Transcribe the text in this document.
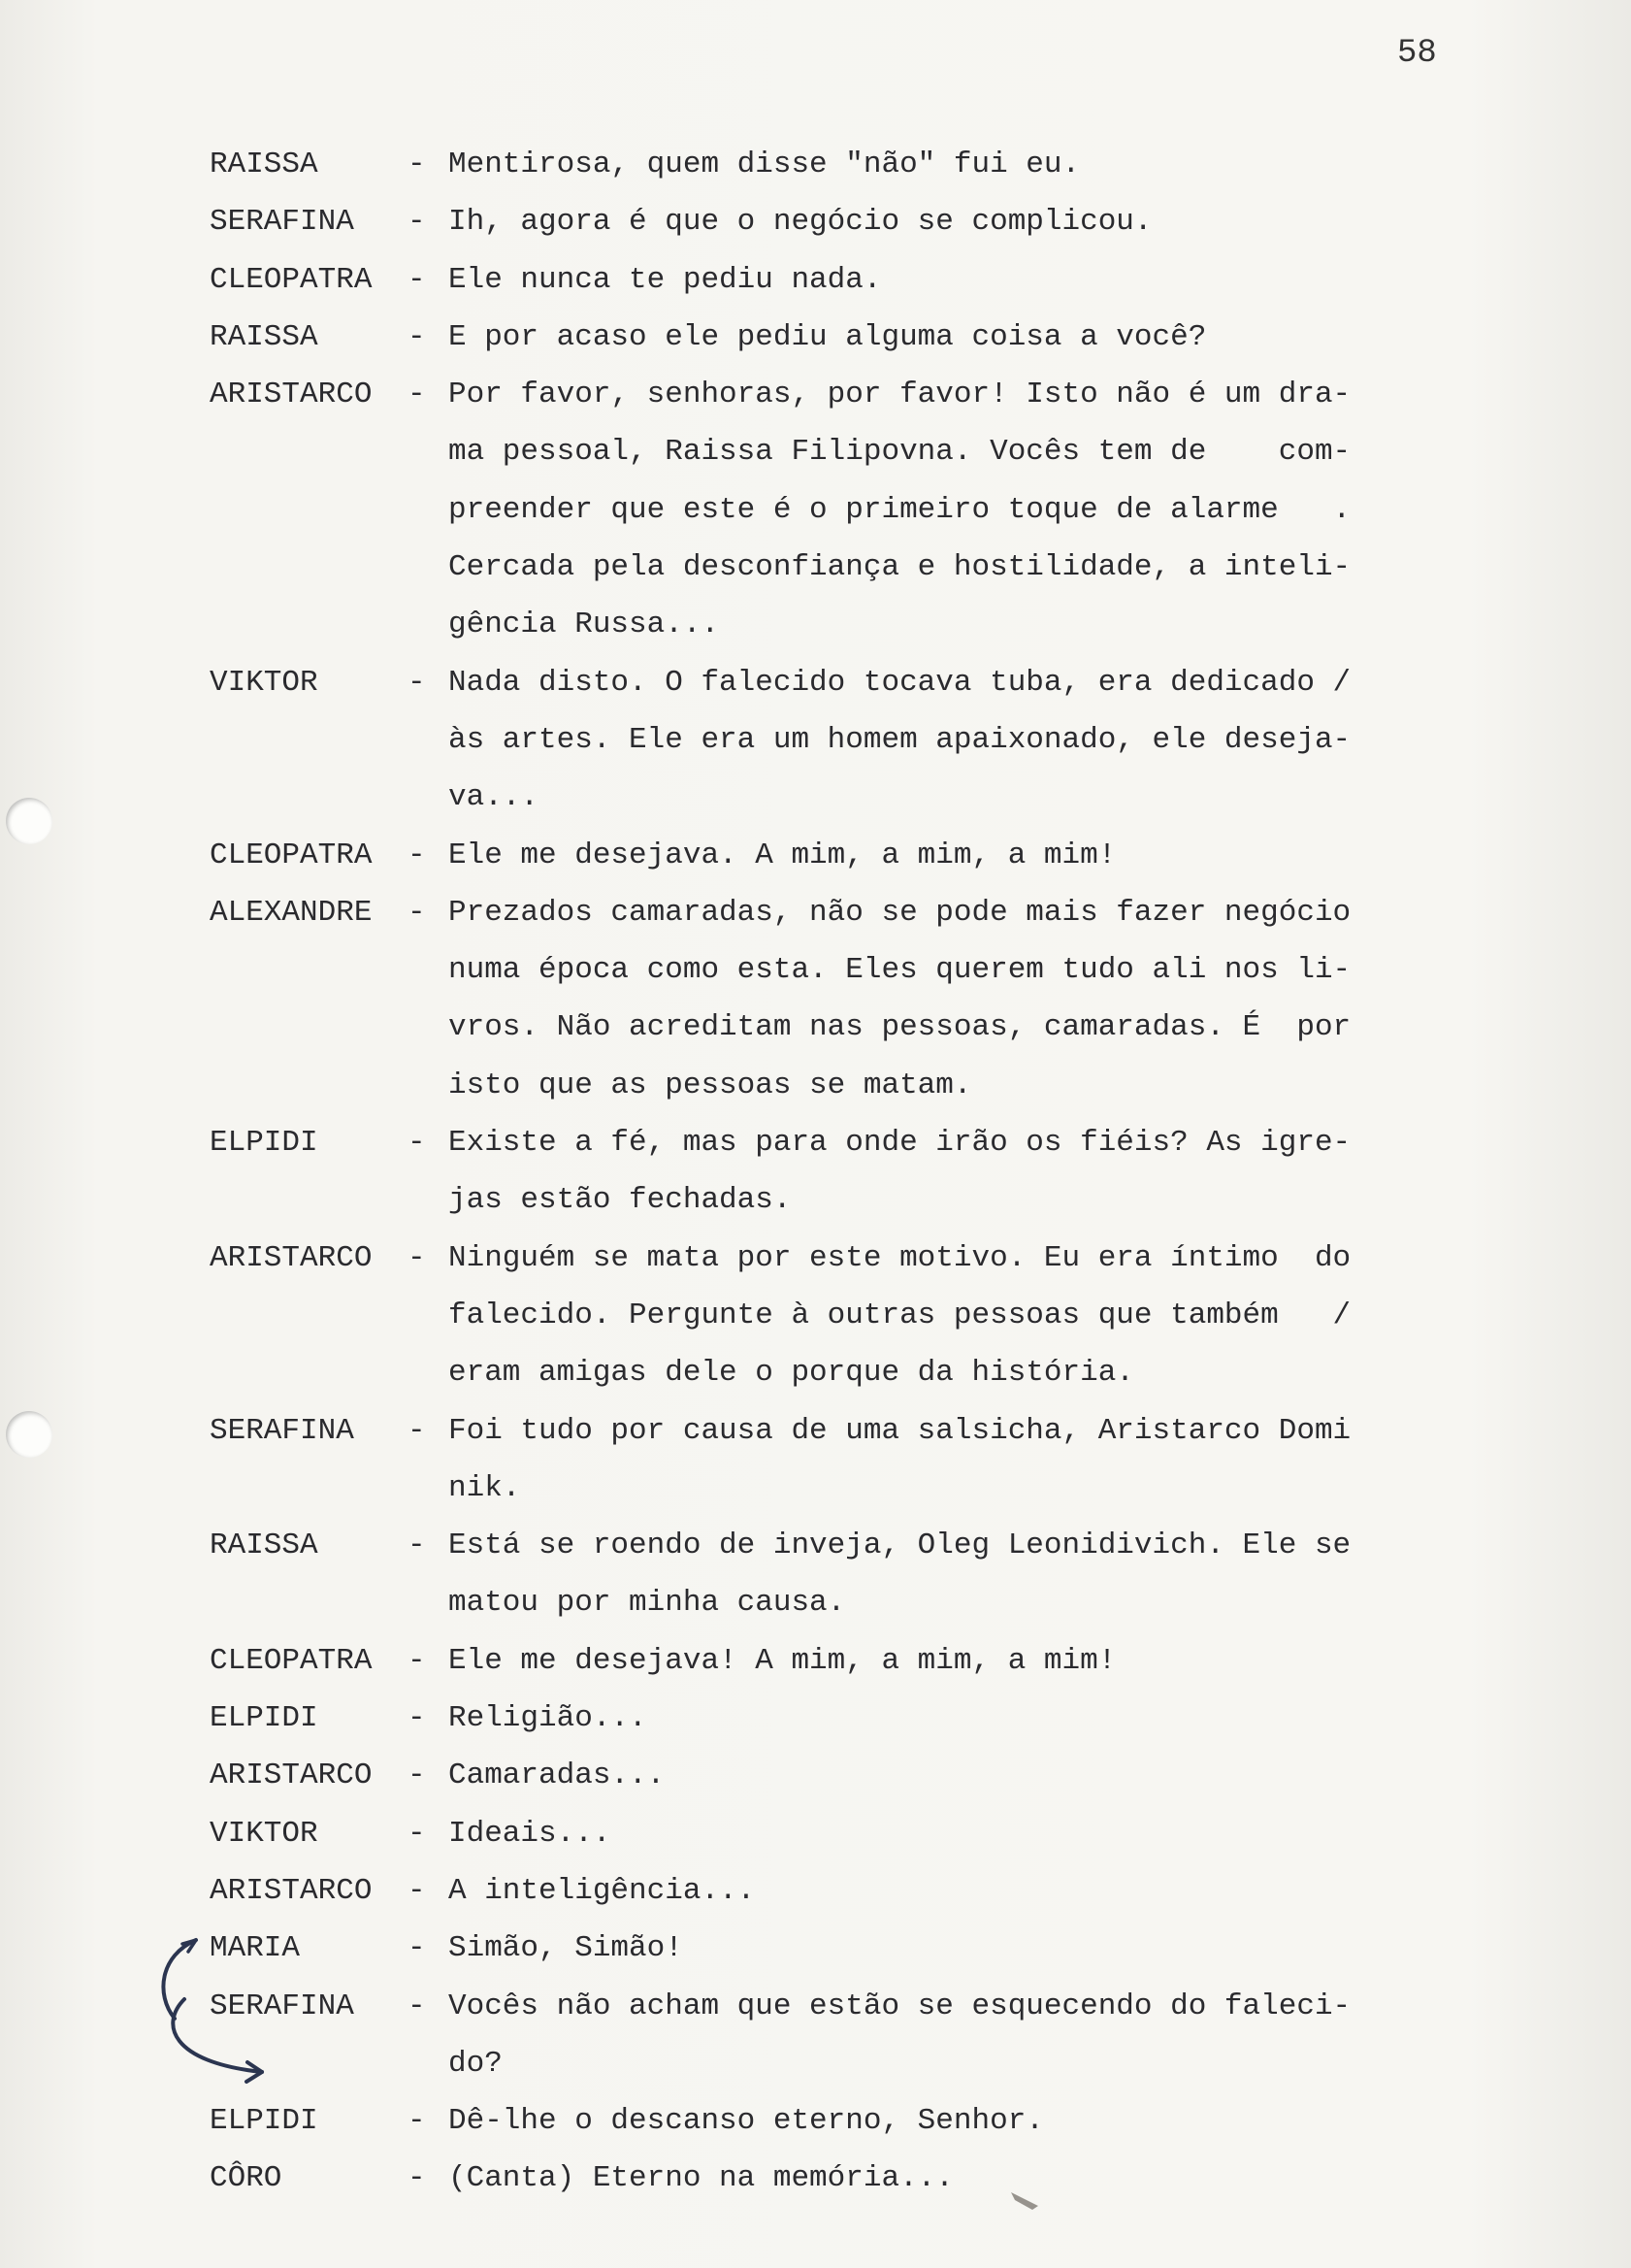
58
RAISSA	- Mentirosa, quem disse "não" fui eu.
SERAFINA - Ih, agora é que o negócio se complicou.
CLEOPATRA - Ele nunca te pediu nada.
RAISSA	- E por acaso ele pediu alguma coisa a você?
ARISTARCO - Por favor, senhoras, por favor! Isto não é um dra-
ma pessoal, Raissa Filipovna. Vocês tem de    com-
preender que este é o primeiro toque de alarme   .
Cercada pela desconfiança e hostilidade, a inteli-
gência Russa...
VIKTOR	- Nada disto. O falecido tocava tuba, era dedicado /
às artes. Ele era um homem apaixonado, ele deseja-
va...
CLEOPATRA - Ele me desejava. A mim, a mim, a mim!
ALEXANDRE - Prezados camaradas, não se pode mais fazer negócio
numa época como esta. Eles querem tudo ali nos li-
vros. Não acreditam nas pessoas, camaradas. É  por
isto que as pessoas se matam.
ELPIDI	- Existe a fé, mas para onde irão os fiéis? As igre-
jas estão fechadas.
ARISTARCO - Ninguém se mata por este motivo. Eu era íntimo  do
falecido. Pergunte à outras pessoas que também   /
eram amigas dele o porque da história.
SERAFINA - Foi tudo por causa de uma salsicha, Aristarco Domi
nik.
RAISSA	- Está se roendo de inveja, Oleg Leonidivich. Ele se
matou por minha causa.
CLEOPATRA - Ele me desejava! A mim, a mim, a mim!
ELPIDI	- Religião...
ARISTARCO - Camaradas...
VIKTOR	- Ideais...
ARISTARCO - A inteligência...
MARIA	- Simão, Simão!
SERAFINA - Vocês não acham que estão se esquecendo do faleci-
do?
ELPIDI	- Dê-lhe o descanso eterno, Senhor.
CÔRO	- (Canta) Eterno na memória...
